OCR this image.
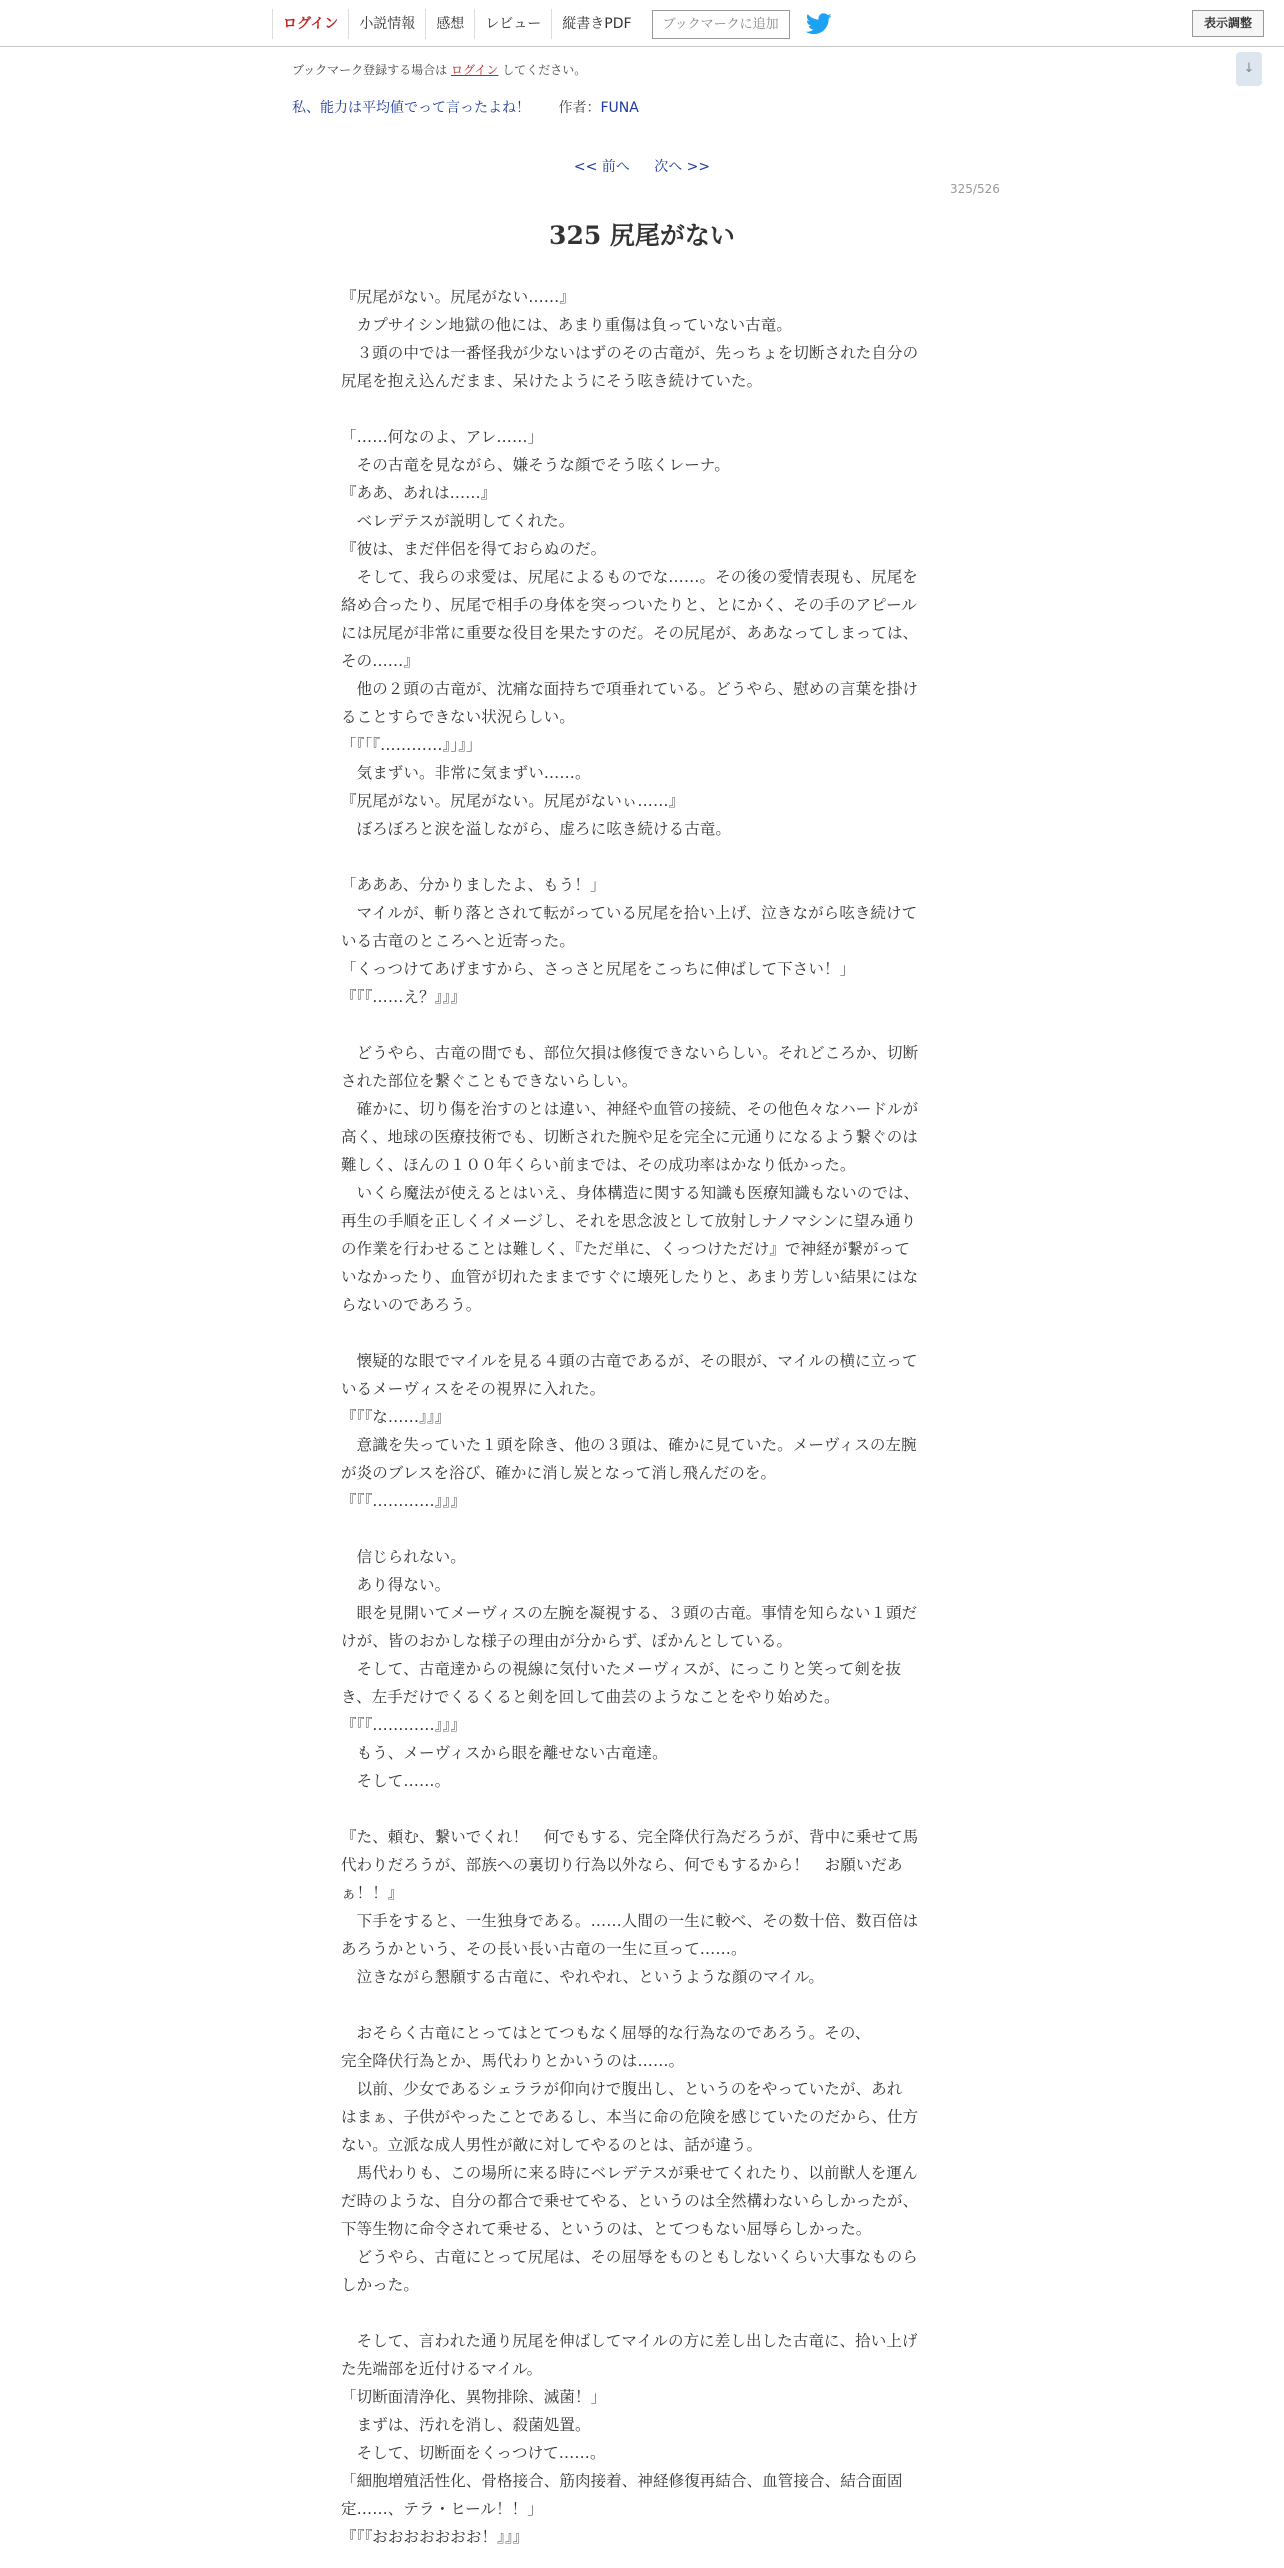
ログイン	小説情報	感想	レビュー	縦書きPDF	ブックマークに追加	表示調整
↓
ブックマーク登録する場合は ログイン してください。
私、能力は平均値でって言ったよね！ 作者：FUNA
<< 前へ 次へ >>
325/526
325 尻尾がない
『尻尾がない。尻尾がない……』
　カプサイシン地獄の他には、あまり重傷は負っていない古竜。
　３頭の中では一番怪我が少ないはずのその古竜が、先っちょを切断された自分の
尻尾を抱え込んだまま、呆けたようにそう呟き続けていた。
「……何なのよ、アレ……」
　その古竜を見ながら、嫌そうな顔でそう呟くレーナ。
『ああ、あれは……』
　ベレデテスが説明してくれた。
『彼は、まだ伴侶を得ておらぬのだ。
　そして、我らの求愛は、尻尾によるものでな……。その後の愛情表現も、尻尾を
絡め合ったり、尻尾で相手の身体を突っついたりと、とにかく、その手のアピール
には尻尾が非常に重要な役目を果たすのだ。その尻尾が、ああなってしまっては、
その……』
　他の２頭の古竜が、沈痛な面持ちで項垂れている。どうやら、慰めの言葉を掛け
ることすらできない状況らしい。
「『「『…………』」』」
　気まずい。非常に気まずい……。
『尻尾がない。尻尾がない。尻尾がないぃ……』
　ぼろぼろと涙を溢しながら、虚ろに呟き続ける古竜。
「あああ、分かりましたよ、もう！」
　マイルが、斬り落とされて転がっている尻尾を拾い上げ、泣きながら呟き続けて
いる古竜のところへと近寄った。
「くっつけてあげますから、さっさと尻尾をこっちに伸ばして下さい！」
『『『……え？』』』
　どうやら、古竜の間でも、部位欠損は修復できないらしい。それどころか、切断
された部位を繋ぐこともできないらしい。
　確かに、切り傷を治すのとは違い、神経や血管の接続、その他色々なハードルが
高く、地球の医療技術でも、切断された腕や足を完全に元通りになるよう繋ぐのは
難しく、ほんの１００年くらい前までは、その成功率はかなり低かった。
　いくら魔法が使えるとはいえ、身体構造に関する知識も医療知識もないのでは、
再生の手順を正しくイメージし、それを思念波として放射しナノマシンに望み通り
の作業を行わせることは難しく、『ただ単に、くっつけただけ』で神経が繋がって
いなかったり、血管が切れたままですぐに壊死したりと、あまり芳しい結果にはな
らないのであろう。
　懐疑的な眼でマイルを見る４頭の古竜であるが、その眼が、マイルの横に立って
いるメーヴィスをその視界に入れた。
『『『な……』』』
　意識を失っていた１頭を除き、他の３頭は、確かに見ていた。メーヴィスの左腕
が炎のブレスを浴び、確かに消し炭となって消し飛んだのを。
『『『…………』』』
　信じられない。
　あり得ない。
　眼を見開いてメーヴィスの左腕を凝視する、３頭の古竜。事情を知らない１頭だ
けが、皆のおかしな様子の理由が分からず、ぽかんとしている。
　そして、古竜達からの視線に気付いたメーヴィスが、にっこりと笑って剣を抜
き、左手だけでくるくると剣を回して曲芸のようなことをやり始めた。
『『『…………』』』
　もう、メーヴィスから眼を離せない古竜達。
　そして……。
『た、頼む、繋いでくれ！　何でもする、完全降伏行為だろうが、背中に乗せて馬
代わりだろうが、部族への裏切り行為以外なら、何でもするから！　お願いだあ
ぁ！！』
　下手をすると、一生独身である。……人間の一生に較べ、その数十倍、数百倍は
あろうかという、その長い長い古竜の一生に亘って……。
　泣きながら懇願する古竜に、やれやれ、というような顔のマイル。
　おそらく古竜にとってはとてつもなく屈辱的な行為なのであろう。その、
完全降伏行為とか、馬代わりとかいうのは……。
　以前、少女であるシェララが仰向けで腹出し、というのをやっていたが、あれ
はまぁ、子供がやったことであるし、本当に命の危険を感じていたのだから、仕方
ない。立派な成人男性が敵に対してやるのとは、話が違う。
　馬代わりも、この場所に来る時にベレデテスが乗せてくれたり、以前獣人を運ん
だ時のような、自分の都合で乗せてやる、というのは全然構わないらしかったが、
下等生物に命令されて乗せる、というのは、とてつもない屈辱らしかった。
　どうやら、古竜にとって尻尾は、その屈辱をものともしないくらい大事なものら
しかった。
　そして、言われた通り尻尾を伸ばしてマイルの方に差し出した古竜に、拾い上げ
た先端部を近付けるマイル。
「切断面清浄化、異物排除、滅菌！」
　まずは、汚れを消し、殺菌処置。
　そして、切断面をくっつけて……。
「細胞増殖活性化、骨格接合、筋肉接着、神経修復再結合、血管接合、結合面固
定……、テラ・ヒール！！」
『『『おおおおおおお！』』』
